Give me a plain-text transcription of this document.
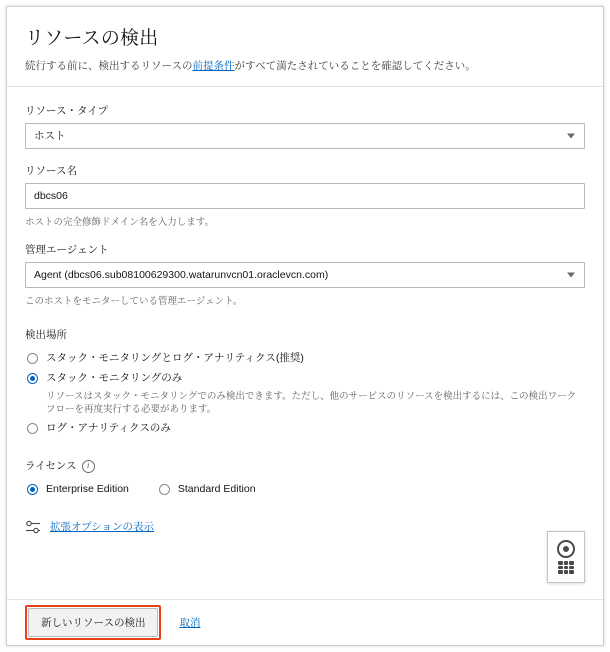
リソースの検出
続行する前に、検出するリソースの前提条件がすべて満たされていることを確認してください。
リソース・タイプ
ホスト
リソース名
dbcs06
ホストの完全修飾ドメイン名を入力します。
管理エージェント
Agent (dbcs06.sub08100629300.watarunvcn01.oraclevcn.com)
このホストをモニターしている管理エージェント。
検出場所
スタック・モニタリングとログ・アナリティクス(推奨)
スタック・モニタリングのみ
リソースはスタック・モニタリングでのみ検出できます。ただし、他のサービスのリソースを検出するには、この検出ワークフローを再度実行する必要があります。
ログ・アナリティクスのみ
ライセンス i
Enterprise Edition	Standard Edition
拡張オプションの表示
新しいリソースの検出	取消
